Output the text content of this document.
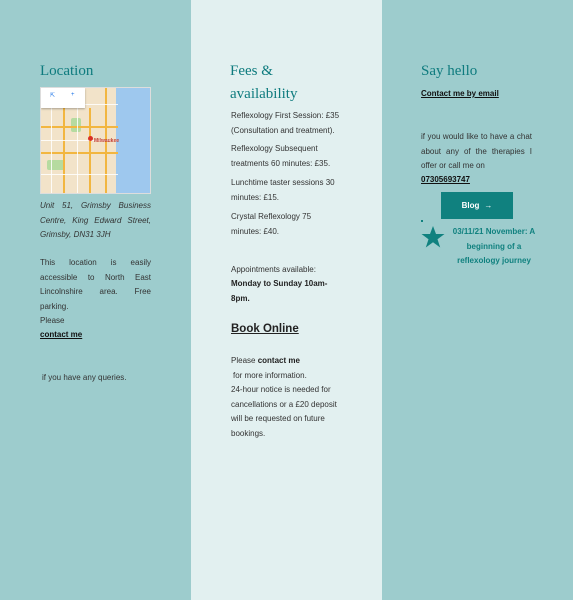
Location
Milwaukee
⇱	+
Unit 51, Grimsby Business Centre, King Edward Street, Grimsby, DN31 3JH
This location is easily accessible to North East Lincolnshire area. Free parking.
Please
contact me
if you have any queries.
Fees &
availability
Reflexology First Session: £35 (Consultation and treatment).
Reflexology Subsequent treatments 60 minutes: £35.
Lunchtime taster sessions 30 minutes: £15.
Crystal Reflexology 75 minutes: £40.
Appointments available:
Monday to Sunday 10am-8pm.
Book Online
Please contact me
for more information.
24-hour notice is needed for cancellations or a £20 deposit will be requested on future bookings.
Say hello
Contact me by email
if you would like to have a chat about any of the therapies I offer or call me on
07305693747
Blog →
03/11/21 November: A beginning of a reflexology journey
